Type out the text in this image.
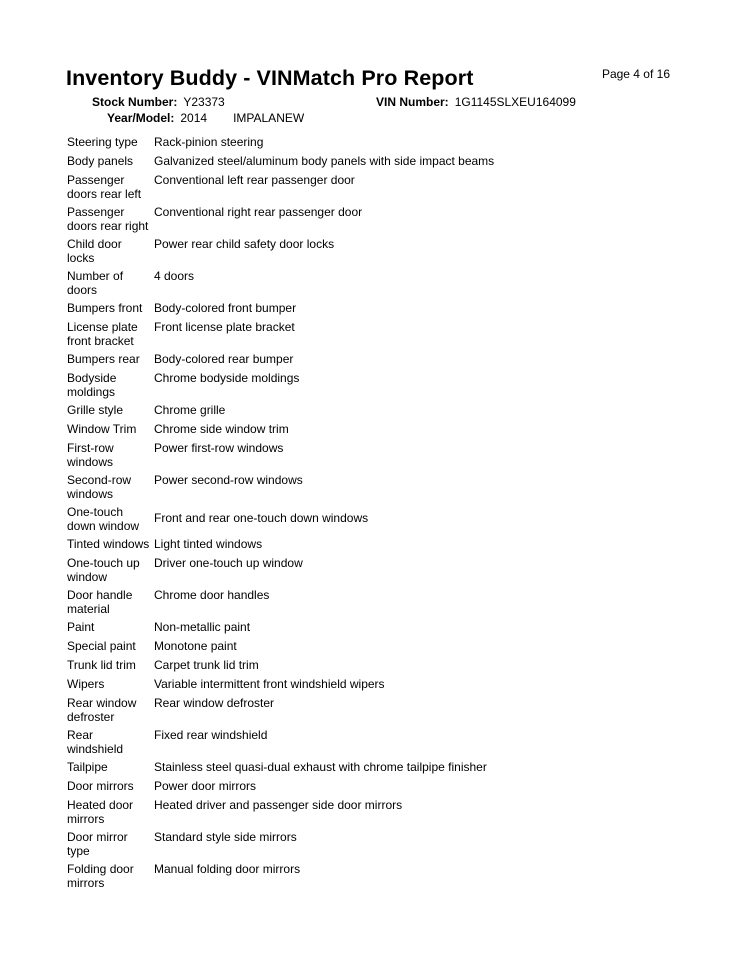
Inventory Buddy - VINMatch Pro Report	Page 4 of 16
Stock Number: Y23373	VIN Number: 1G1145SLXEU164099
Year/Model: 2014 IMPALANEW
Steering type	Rack-pinion steering

Body panels	Galvanized steel/aluminum body panels with side impact beams

Passenger
doors rear left	Conventional left rear passenger door

Passenger
doors rear right	Conventional right rear passenger door

Child door
locks	Power rear child safety door locks

Number of
doors	4 doors

Bumpers front	Body-colored front bumper

License plate
front bracket	Front license plate bracket

Bumpers rear	Body-colored rear bumper

Bodyside
moldings	Chrome bodyside moldings

Grille style	Chrome grille

Window Trim	Chrome side window trim

First-row
windows	Power first-row windows

Second-row
windows	Power second-row windows

One-touch
down window	Front and rear one-touch down windows

Tinted windows	Light tinted windows

One-touch up
window	Driver one-touch up window

Door handle
material	Chrome door handles

Paint	Non-metallic paint

Special paint	Monotone paint

Trunk lid trim	Carpet trunk lid trim

Wipers	Variable intermittent front windshield wipers

Rear window
defroster	Rear window defroster

Rear
windshield	Fixed rear windshield

Tailpipe	Stainless steel quasi-dual exhaust with chrome tailpipe finisher

Door mirrors	Power door mirrors

Heated door
mirrors	Heated driver and passenger side door mirrors

Door mirror
type	Standard style side mirrors

Folding door
mirrors	Manual folding door mirrors
